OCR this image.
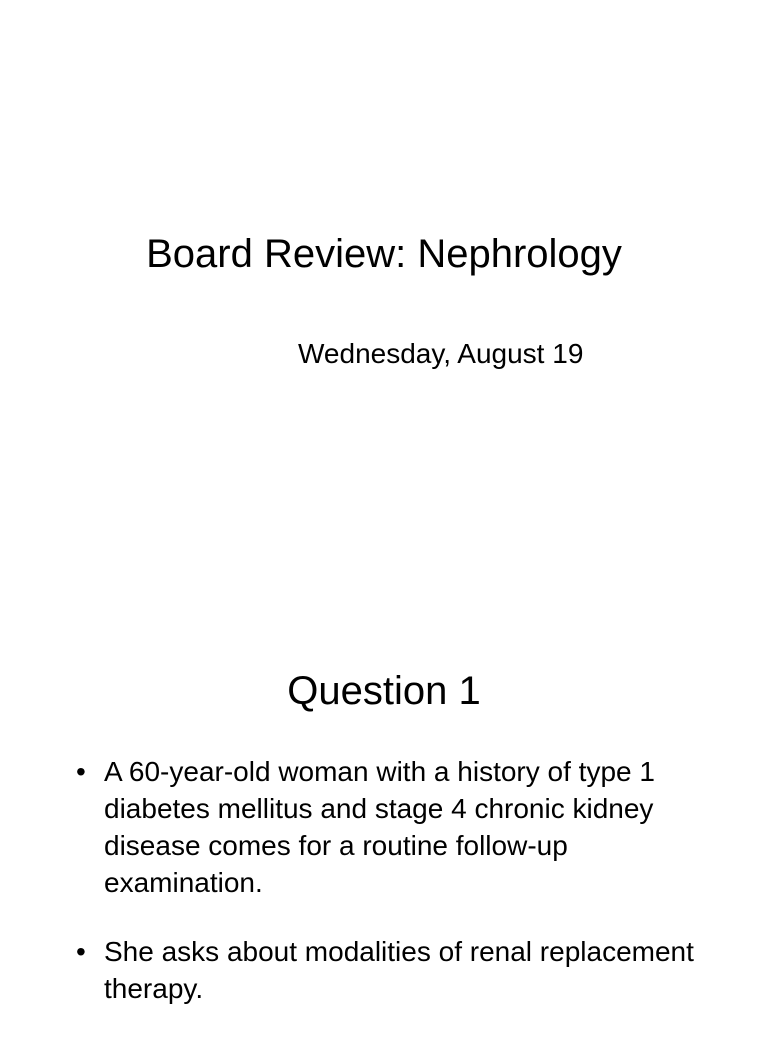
Board Review: Nephrology
Wednesday, August 19
Question 1
• A 60-year-old woman with a history of type 1 diabetes mellitus and stage 4 chronic kidney disease comes for a routine follow-up examination.
• She asks about modalities of renal replacement therapy.
